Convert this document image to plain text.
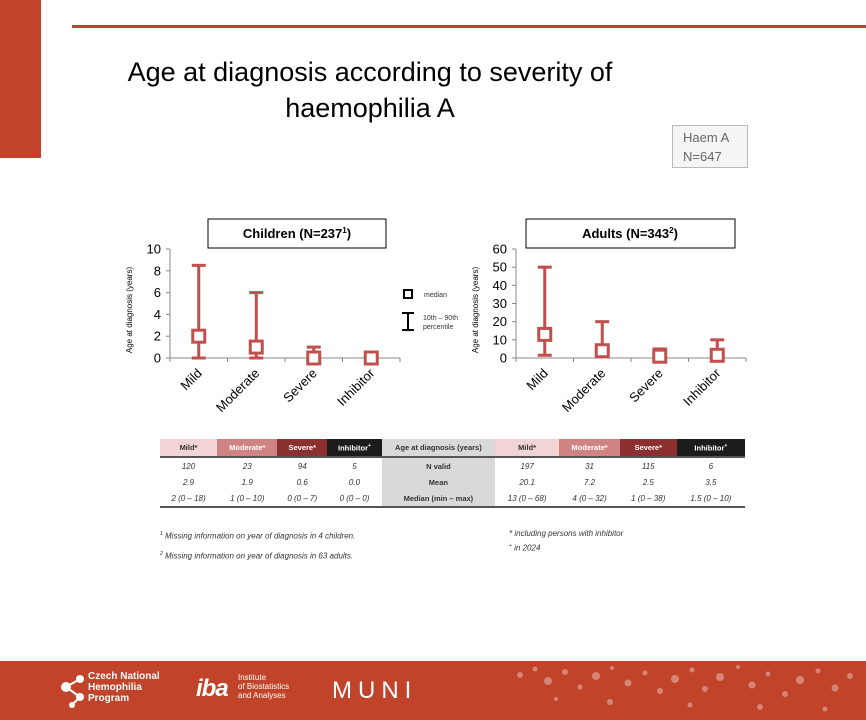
Age at diagnosis according to severity of
haemophilia A
Haem A
N=647
Children $(N=237^1)$	Adults $(N=343^2)$
Age at diagnosis (years)	Age at diagnosis (years)
median
10th – 90th
percentile
0
2
4
6
8
10
Mild Moderate Severe Inhibitor
0
10
20
30
40
50
60
Mild Moderate Severe Inhibitor
Mild*	Moderate*	Severe*	Inhibitor+	Age at diagnosis (years)	Mild*	Moderate*	Severe*	Inhibitor+
120	23	94	5	N valid	197	31	115	6
2.9	1.9	0.6	0.0	Mean	20.1	7.2	2.5	3.5
2 (0 – 18)	1 (0 – 10)	0 (0 – 7)	0 (0 – 0)	Median (min – max)	13 (0 – 68)	4 (0 – 32)	1 (0 – 38)	1.5 (0 – 10)
$^1$ Missing information on year of diagnosis in 4 children.
$^2$ Missing information on year of diagnosis in 63 adults.
* including persons with inhibitor
+ in 2024
Czech National
Hemophilia
Program	iba Institute
of Biostatistics
and Analyses MUNI
